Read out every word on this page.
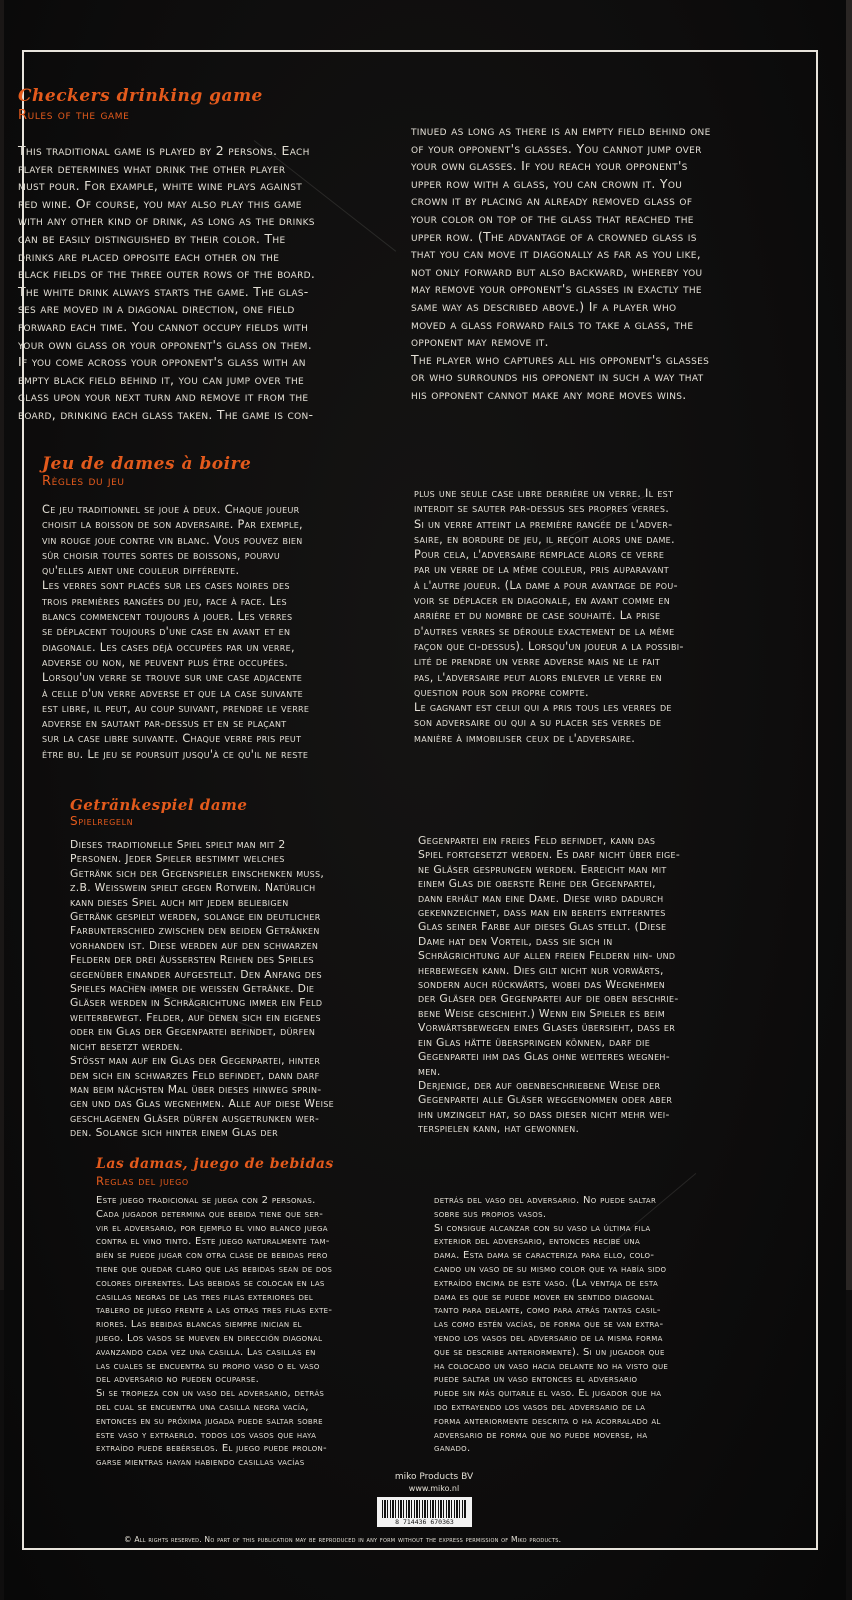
Checkers drinking game
Rules of the game
This traditional game is played by 2 persons. Each
player determines what drink the other player
must pour. For example, white wine plays against
red wine. Of course, you may also play this game
with any other kind of drink, as long as the drinks
can be easily distinguished by their color. The
drinks are placed opposite each other on the
black fields of the three outer rows of the board.
The white drink always starts the game. The glas-
ses are moved in a diagonal direction, one field
forward each time. You cannot occupy fields with
your own glass or your opponent's glass on them.
If you come across your opponent's glass with an
empty black field behind it, you can jump over the
glass upon your next turn and remove it from the
board, drinking each glass taken. The game is con-
tinued as long as there is an empty field behind one
of your opponent's glasses. You cannot jump over
your own glasses. If you reach your opponent's
upper row with a glass, you can crown it. You
crown it by placing an already removed glass of
your color on top of the glass that reached the
upper row. (The advantage of a crowned glass is
that you can move it diagonally as far as you like,
not only forward but also backward, whereby you
may remove your opponent's glasses in exactly the
same way as described above.) If a player who
moved a glass forward fails to take a glass, the
opponent may remove it.
The player who captures all his opponent's glasses
or who surrounds his opponent in such a way that
his opponent cannot make any more moves wins.
Jeu de dames à boire
Règles du jeu
Ce jeu traditionnel se joue à deux. Chaque joueur
choisit la boisson de son adversaire. Par exemple,
vin rouge joue contre vin blanc. Vous pouvez bien
sûr choisir toutes sortes de boissons, pourvu
qu'elles aient une couleur différente.
Les verres sont placés sur les cases noires des
trois premières rangées du jeu, face à face. Les
blancs commencent toujours à jouer. Les verres
se déplacent toujours d'une case en avant et en
diagonale. Les cases déjà occupées par un verre,
adverse ou non, ne peuvent plus être occupées.
Lorsqu'un verre se trouve sur une case adjacente
à celle d'un verre adverse et que la case suivante
est libre, il peut, au coup suivant, prendre le verre
adverse en sautant par-dessus et en se plaçant
sur la case libre suivante. Chaque verre pris peut
être bu. Le jeu se poursuit jusqu'à ce qu'il ne reste
plus une seule case libre derrière un verre. Il est
interdit se sauter par-dessus ses propres verres.
Si un verre atteint la première rangée de l'adver-
saire, en bordure de jeu, il reçoit alors une dame.
Pour cela, l'adversaire remplace alors ce verre
par un verre de la même couleur, pris auparavant
à l'autre joueur. (La dame a pour avantage de pou-
voir se déplacer en diagonale, en avant comme en
arrière et du nombre de case souhaité. La prise
d'autres verres se déroule exactement de la même
façon que ci-dessus). Lorsqu'un joueur a la possibi-
lité de prendre un verre adverse mais ne le fait
pas, l'adversaire peut alors enlever le verre en
question pour son propre compte.
Le gagnant est celui qui a pris tous les verres de
son adversaire ou qui a su placer ses verres de
manière à immobiliser ceux de l'adversaire.
Getränkespiel dame
Spielregeln
Dieses traditionelle Spiel spielt man mit 2
Personen. Jeder Spieler bestimmt welches
Getränk sich der Gegenspieler einschenken muss,
z.B. Weisswein spielt gegen Rotwein. Natürlich
kann dieses Spiel auch mit jedem beliebigen
Getränk gespielt werden, solange ein deutlicher
Farbunterschied zwischen den beiden Getränken
vorhanden ist. Diese werden auf den schwarzen
Feldern der drei äussersten Reihen des Spieles
gegenüber einander aufgestellt. Den Anfang des
Spieles machen immer die weissen Getränke. Die
Gläser werden in Schrägrichtung immer ein Feld
weiterbewegt. Felder, auf denen sich ein eigenes
oder ein Glas der Gegenpartei befindet, dürfen
nicht besetzt werden.
Stösst man auf ein Glas der Gegenpartei, hinter
dem sich ein schwarzes Feld befindet, dann darf
man beim nächsten Mal über dieses hinweg sprin-
gen und das Glas wegnehmen. Alle auf diese Weise
geschlagenen Gläser dürfen ausgetrunken wer-
den. Solange sich hinter einem Glas der
Gegenpartei ein freies Feld befindet, kann das
Spiel fortgesetzt werden. Es darf nicht über eige-
ne Gläser gesprungen werden. Erreicht man mit
einem Glas die oberste Reihe der Gegenpartei,
dann erhält man eine Dame. Diese wird dadurch
gekennzeichnet, dass man ein bereits entferntes
Glas seiner Farbe auf dieses Glas stellt. (Diese
Dame hat den Vorteil, dass sie sich in
Schrägrichtung auf allen freien Feldern hin- und
herbewegen kann. Dies gilt nicht nur vorwärts,
sondern auch rückwärts, wobei das Wegnehmen
der Gläser der Gegenpartei auf die oben beschrie-
bene Weise geschieht.) Wenn ein Spieler es beim
Vorwärtsbewegen eines Glases übersieht, dass er
ein Glas hätte überspringen können, darf die
Gegenpartei ihm das Glas ohne weiteres wegneh-
men.
Derjenige, der auf obenbeschriebene Weise der
Gegenpartei alle Gläser weggenommen oder aber
ihn umzingelt hat, so dass dieser nicht mehr wei-
terspielen kann, hat gewonnen.
Las damas, juego de bebidas
Reglas del juego
Este juego tradicional se juega con 2 personas.
Cada jugador determina que bebida tiene que ser-
vir el adversario, por ejemplo el vino blanco juega
contra el vino tinto. Este juego naturalmente tam-
bién se puede jugar con otra clase de bebidas pero
tiene que quedar claro que las bebidas sean de dos
colores diferentes. Las bebidas se colocan en las
casillas negras de las tres filas exteriores del
tablero de juego frente a las otras tres filas exte-
riores. Las bebidas blancas siempre inician el
juego. Los vasos se mueven en dirección diagonal
avanzando cada vez una casilla. Las casillas en
las cuales se encuentra su propio vaso o el vaso
del adversario no pueden ocuparse.
Si se tropieza con un vaso del adversario, detrás
del cual se encuentra una casilla negra vacía,
entonces en su próxima jugada puede saltar sobre
este vaso y extraerlo. todos los vasos que haya
extraído puede bebérselos. El juego puede prolon-
garse mientras hayan habiendo casillas vacías
detrás del vaso del adversario. No puede saltar
sobre sus propios vasos.
Si consigue alcanzar con su vaso la última fila
exterior del adversario, entonces recibe una
dama. Esta dama se caracteriza para ello, colo-
cando un vaso de su mismo color que ya había sido
extraído encima de este vaso. (La ventaja de esta
dama es que se puede mover en sentido diagonal
tanto para delante, como para atrás tantas casil-
las como estén vacías, de forma que se van extra-
yendo los vasos del adversario de la misma forma
que se describe anteriormente). Si un jugador que
ha colocado un vaso hacia delante no ha visto que
puede saltar un vaso entonces el adversario
puede sin más quitarle el vaso. El jugador que ha
ido extrayendo los vasos del adversario de la
forma anteriormente descrita o ha acorralado al
adversario de forma que no puede moverse, ha
ganado.
miko Products BV
www.miko.nl
8 714436 670363
© All rights reserved. No part of this publication may be reproduced in any form without the express permission of Miko products.
